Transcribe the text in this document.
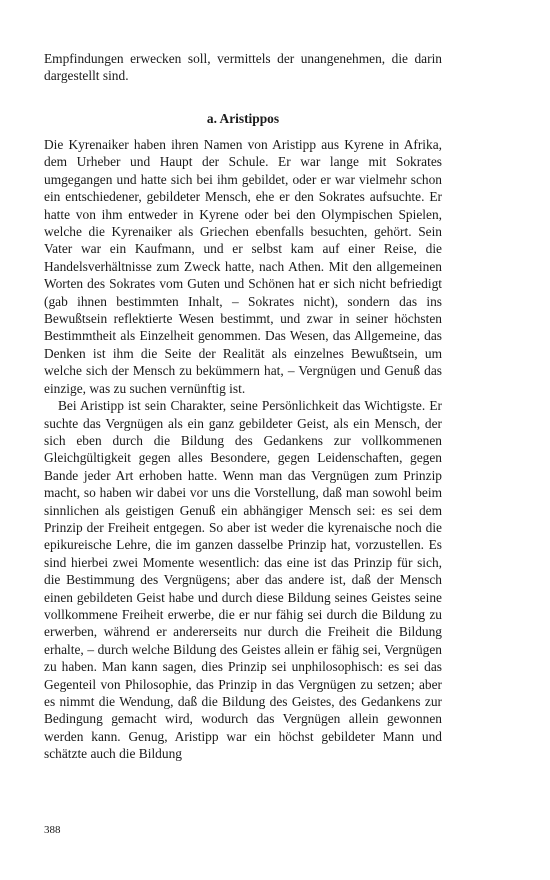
Empfindungen erwecken soll, vermittels der unangenehmen, die darin dargestellt sind.

a. Aristippos

Die Kyrenaiker haben ihren Namen von Aristipp aus Kyrene in Afrika, dem Urheber und Haupt der Schule. Er war lange mit Sokrates umgegangen und hatte sich bei ihm gebildet, oder er war vielmehr schon ein entschiedener, gebildeter Mensch, ehe er den Sokrates aufsuchte. Er hatte von ihm entweder in Kyrene oder bei den Olympischen Spielen, welche die Kyrenaiker als Griechen ebenfalls besuchten, gehört. Sein Vater war ein Kaufmann, und er selbst kam auf einer Reise, die Handelsverhältnisse zum Zweck hatte, nach Athen. Mit den allgemeinen Worten des Sokrates vom Guten und Schönen hat er sich nicht befriedigt (gab ihnen bestimmten Inhalt, – Sokrates nicht), sondern das ins Bewußtsein reflektierte Wesen bestimmt, und zwar in seiner höchsten Bestimmtheit als Einzelheit genommen. Das Wesen, das Allgemeine, das Denken ist ihm die Seite der Realität als einzelnes Bewußtsein, um welche sich der Mensch zu bekümmern hat, – Vergnügen und Genuß das einzige, was zu suchen vernünftig ist.

Bei Aristipp ist sein Charakter, seine Persönlichkeit das Wichtigste. Er suchte das Vergnügen als ein ganz gebildeter Geist, als ein Mensch, der sich eben durch die Bildung des Gedankens zur vollkommenen Gleichgültigkeit gegen alles Besondere, gegen Leidenschaften, gegen Bande jeder Art erhoben hatte. Wenn man das Vergnügen zum Prinzip macht, so haben wir dabei vor uns die Vorstellung, daß man sowohl beim sinnlichen als geistigen Genuß ein abhängiger Mensch sei: es sei dem Prinzip der Freiheit entgegen. So aber ist weder die kyrenaische noch die epikureische Lehre, die im ganzen dasselbe Prinzip hat, vorzustellen. Es sind hierbei zwei Momente wesentlich: das eine ist das Prinzip für sich, die Bestimmung des Vergnügens; aber das andere ist, daß der Mensch einen gebildeten Geist habe und durch diese Bildung seines Geistes seine vollkommene Freiheit erwerbe, die er nur fähig sei durch die Bildung zu erwerben, während er andererseits nur durch die Freiheit die Bildung erhalte, – durch welche Bildung des Geistes allein er fähig sei, Vergnügen zu haben. Man kann sagen, dies Prinzip sei unphilosophisch: es sei das Gegenteil von Philosophie, das Prinzip in das Vergnügen zu setzen; aber es nimmt die Wendung, daß die Bildung des Geistes, des Gedankens zur Bedingung gemacht wird, wodurch das Vergnügen allein gewonnen werden kann. Genug, Aristipp war ein höchst gebildeter Mann und schätzte auch die Bildung

388
